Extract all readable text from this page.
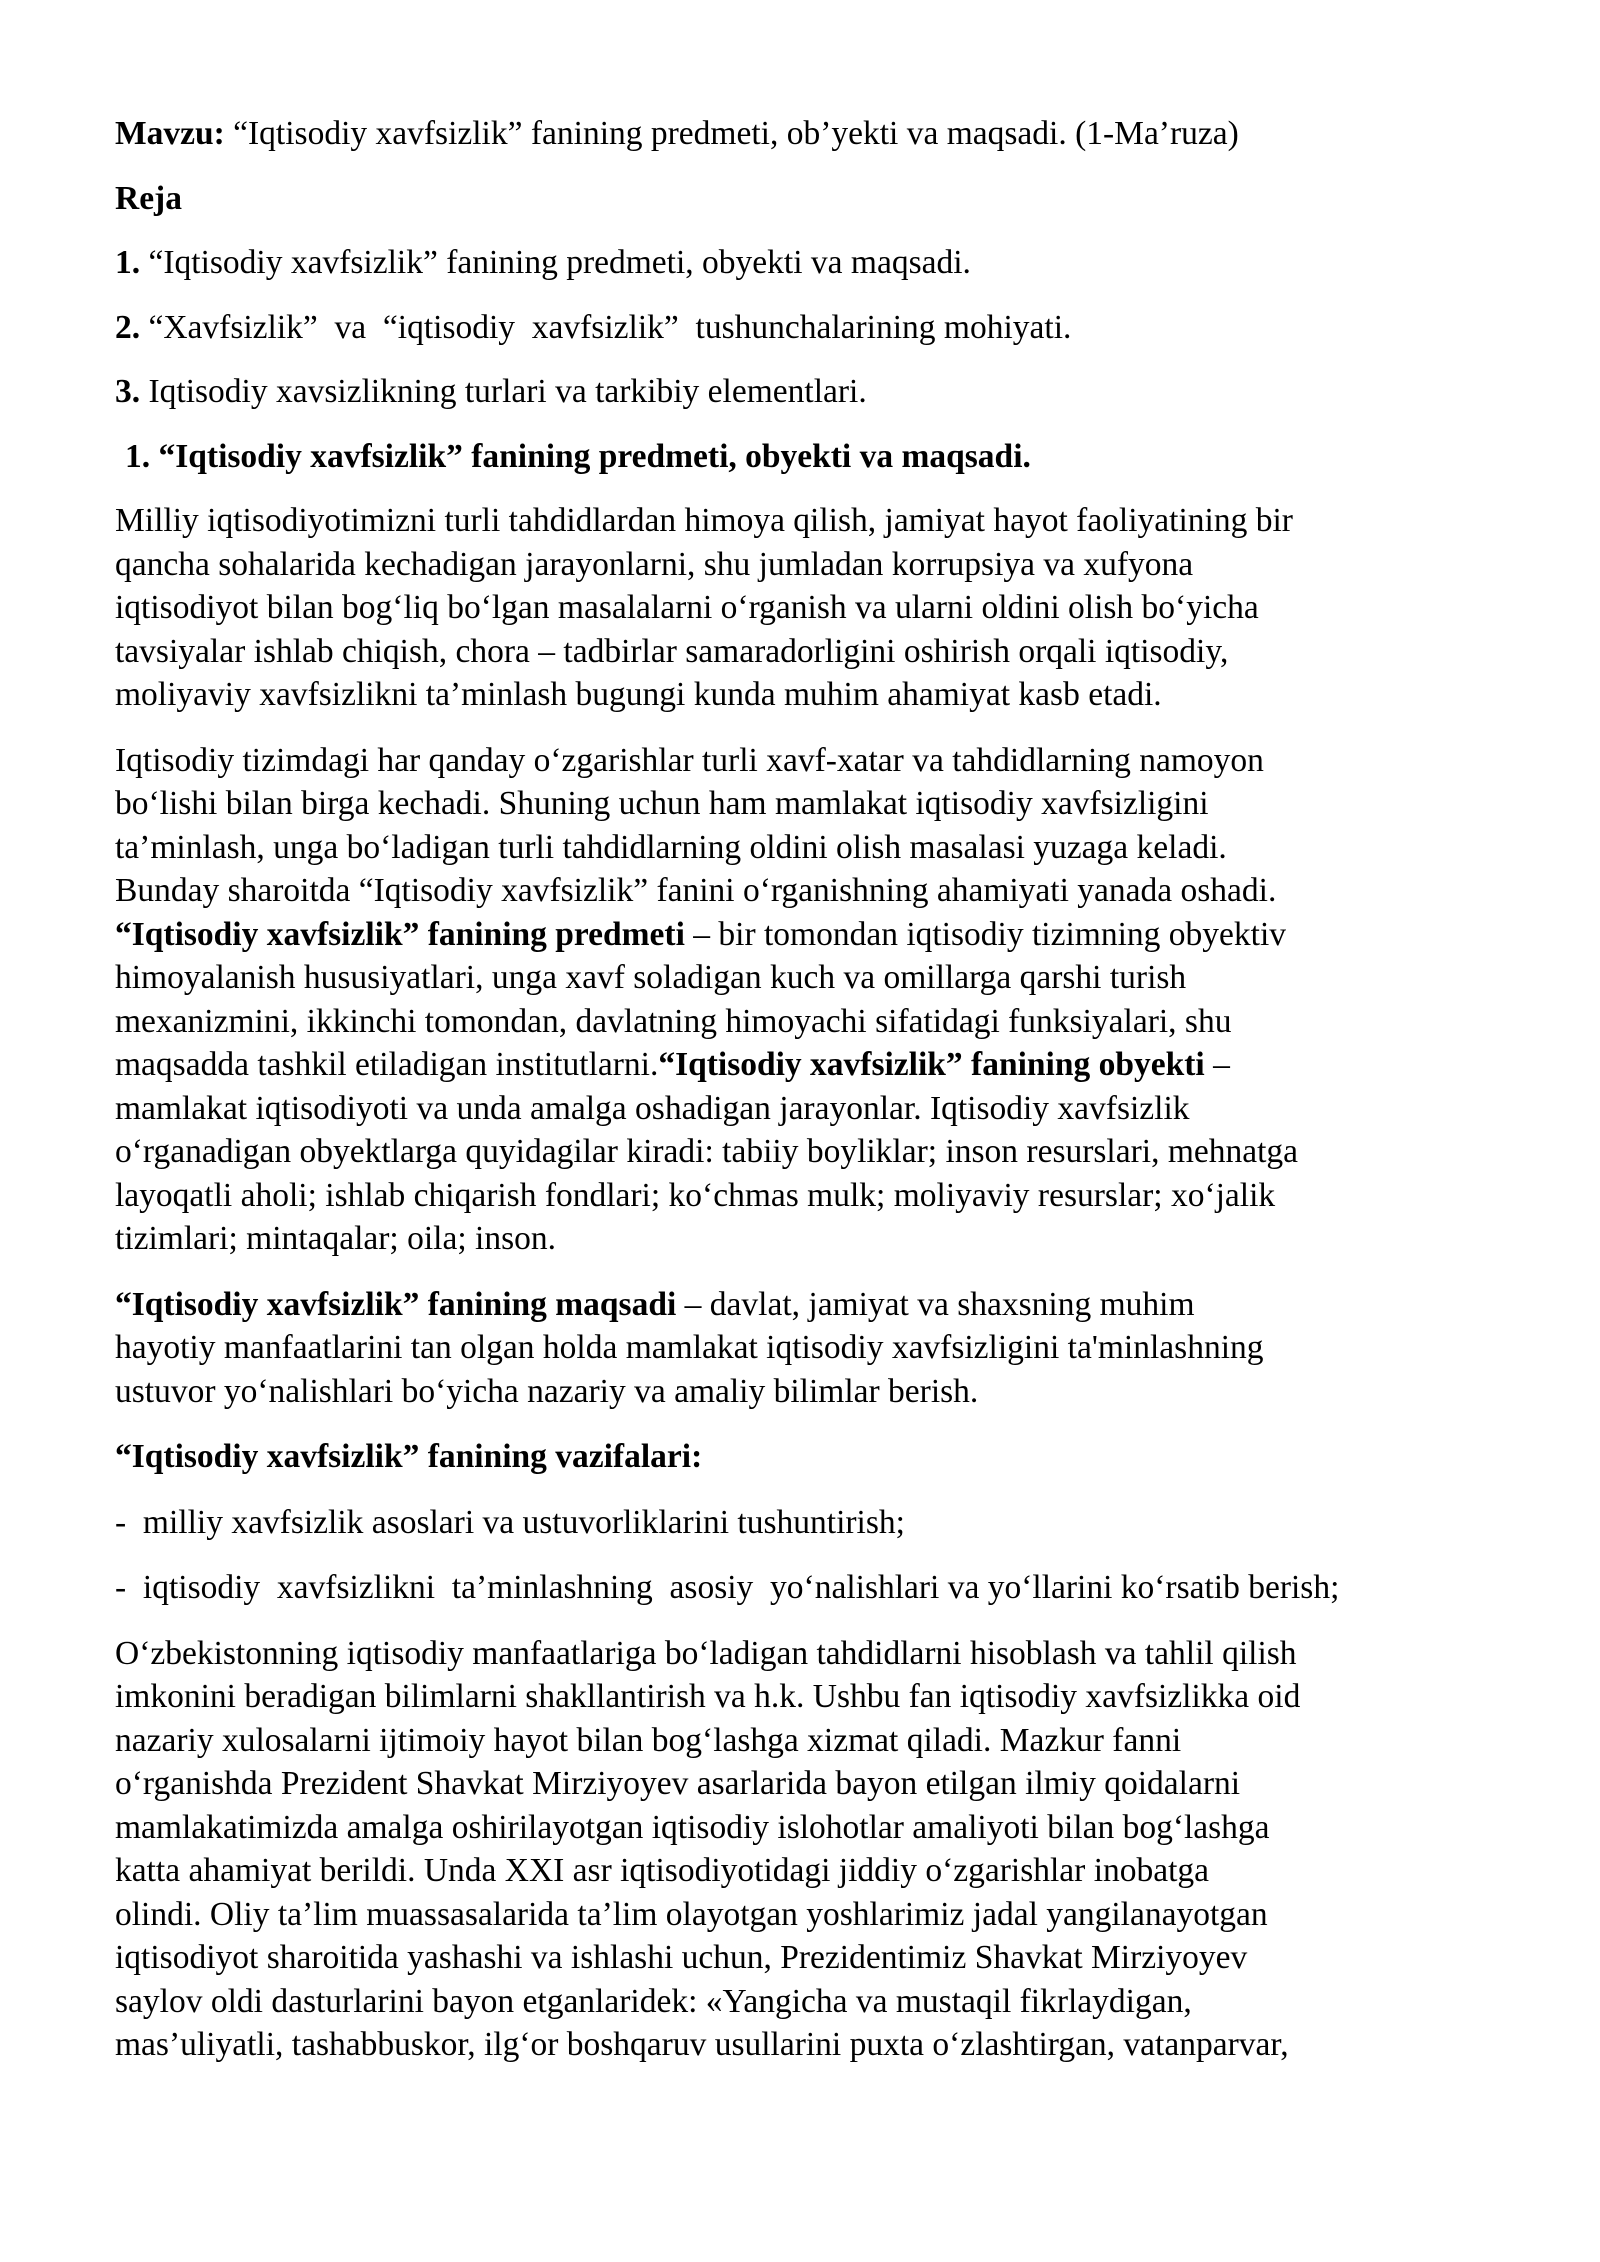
Mavzu: “Iqtisodiy xavfsizlik” fanining predmeti, ob’yekti va maqsadi. (1-Ma’ruza)

Reja

1. “Iqtisodiy xavfsizlik” fanining predmeti, obyekti va maqsadi.

2. “Xavfsizlik”  va  “iqtisodiy  xavfsizlik”  tushunchalarining mohiyati.

3. Iqtisodiy xavsizlikning turlari va tarkibiy elementlari.

1. “Iqtisodiy xavfsizlik” fanining predmeti, obyekti va maqsadi.

Milliy iqtisodiyotimizni turli tahdidlardan himoya qilish, jamiyat hayot faoliyatining bir
qancha sohalarida kechadigan jarayonlarni, shu jumladan korrupsiya va xufyona
iqtisodiyot bilan bog‘liq bo‘lgan masalalarni o‘rganish va ularni oldini olish bo‘yicha
tavsiyalar ishlab chiqish, chora – tadbirlar samaradorligini oshirish orqali iqtisodiy,
moliyaviy xavfsizlikni ta’minlash bugungi kunda muhim ahamiyat kasb etadi.

Iqtisodiy tizimdagi har qanday o‘zgarishlar turli xavf-xatar va tahdidlarning namoyon
bo‘lishi bilan birga kechadi. Shuning uchun ham mamlakat iqtisodiy xavfsizligini
ta’minlash, unga bo‘ladigan turli tahdidlarning oldini olish masalasi yuzaga keladi.
Bunday sharoitda “Iqtisodiy xavfsizlik” fanini o‘rganishning ahamiyati yanada oshadi.
“Iqtisodiy xavfsizlik” fanining predmeti – bir tomondan iqtisodiy tizimning obyektiv
himoyalanish hususiyatlari, unga xavf soladigan kuch va omillarga qarshi turish
mexanizmini, ikkinchi tomondan, davlatning himoyachi sifatidagi funksiyalari, shu
maqsadda tashkil etiladigan institutlarni.“Iqtisodiy xavfsizlik” fanining obyekti –
mamlakat iqtisodiyoti va unda amalga oshadigan jarayonlar. Iqtisodiy xavfsizlik
o‘rganadigan obyektlarga quyidagilar kiradi: tabiiy boyliklar; inson resurslari, mehnatga
layoqatli aholi; ishlab chiqarish fondlari; ko‘chmas mulk; moliyaviy resurslar; xo‘jalik
tizimlari; mintaqalar; oila; inson.

“Iqtisodiy xavfsizlik” fanining maqsadi – davlat, jamiyat va shaxsning muhim
hayotiy manfaatlarini tan olgan holda mamlakat iqtisodiy xavfsizligini ta'minlashning
ustuvor yo‘nalishlari bo‘yicha nazariy va amaliy bilimlar berish.

“Iqtisodiy xavfsizlik” fanining vazifalari:

-  milliy xavfsizlik asoslari va ustuvorliklarini tushuntirish;

-  iqtisodiy  xavfsizlikni  ta’minlashning  asosiy  yo‘nalishlari va yo‘llarini ko‘rsatib berish;

O‘zbekistonning iqtisodiy manfaatlariga bo‘ladigan tahdidlarni hisoblash va tahlil qilish
imkonini beradigan bilimlarni shakllantirish va h.k. Ushbu fan iqtisodiy xavfsizlikka oid
nazariy xulosalarni ijtimoiy hayot bilan bog‘lashga xizmat qiladi. Mazkur fanni
o‘rganishda Prezident Shavkat Mirziyoyev asarlarida bayon etilgan ilmiy qoidalarni
mamlakatimizda amalga oshirilayotgan iqtisodiy islohotlar amaliyoti bilan bog‘lashga
katta ahamiyat berildi. Unda XXI asr iqtisodiyotidagi jiddiy o‘zgarishlar inobatga
olindi. Oliy ta’lim muassasalarida ta’lim olayotgan yoshlarimiz jadal yangilanayotgan
iqtisodiyot sharoitida yashashi va ishlashi uchun, Prezidentimiz Shavkat Mirziyoyev
saylov oldi dasturlarini bayon etganlaridek: «Yangicha va mustaqil fikrlaydigan,
mas’uliyatli, tashabbuskor, ilg‘or boshqaruv usullarini puxta o‘zlashtirgan, vatanparvar,
